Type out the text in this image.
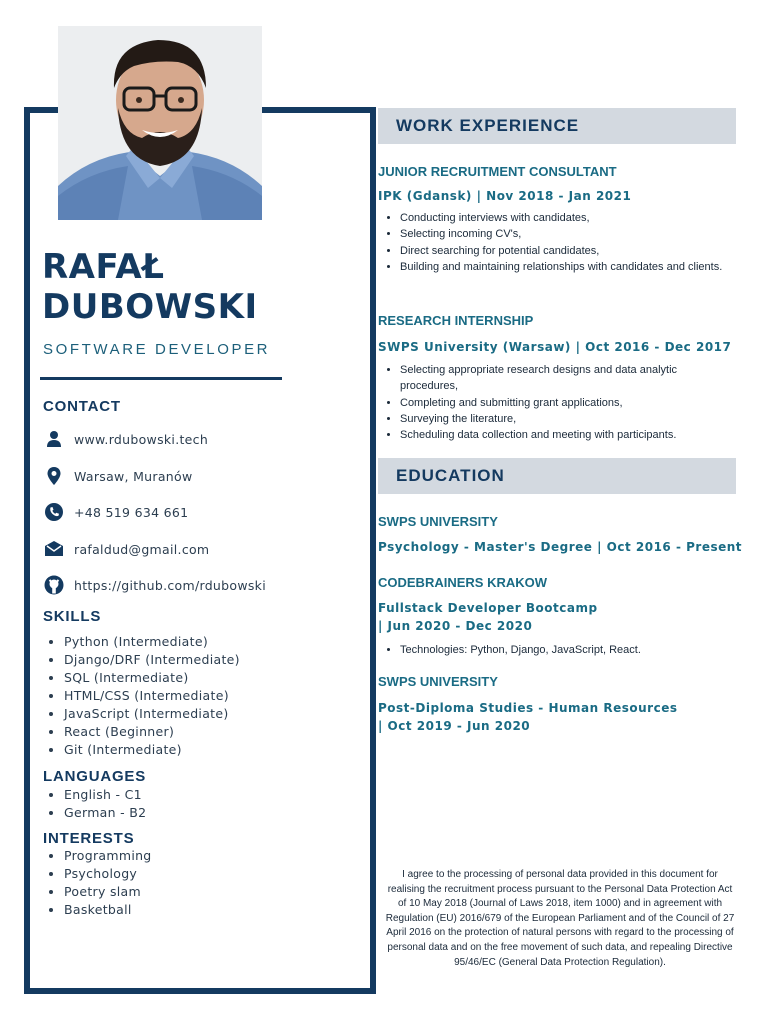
RAFAŁ
DUBOWSKI
SOFTWARE DEVELOPER
CONTACT
www.rdubowski.tech
Warsaw, Muranów
+48 519 634 661
rafaldud@gmail.com
https://github.com/rdubowski
SKILLS
• Python (Intermediate)
• Django/DRF (Intermediate)
• SQL (Intermediate)
• HTML/CSS (Intermediate)
• JavaScript (Intermediate)
• React (Beginner)
• Git (Intermediate)
LANGUAGES
• English - C1
• German - B2
INTERESTS
• Programming
• Psychology
• Poetry slam
• Basketball
WORK EXPERIENCE
JUNIOR RECRUITMENT CONSULTANT
IPK (Gdansk) | Nov 2018 - Jan 2021
• Conducting interviews with candidates,
• Selecting incoming CV's,
• Direct searching for potential candidates,
• Building and maintaining relationships with candidates and clients.
RESEARCH INTERNSHIP
SWPS University (Warsaw) | Oct 2016 - Dec 2017
• Selecting appropriate research designs and data analytic procedures,
• Completing and submitting grant applications,
• Surveying the literature,
• Scheduling data collection and meeting with participants.
EDUCATION
SWPS UNIVERSITY
Psychology - Master's Degree | Oct 2016 - Present
CODEBRAINERS KRAKOW
Fullstack Developer Bootcamp
| Jun 2020 - Dec 2020
• Technologies: Python, Django, JavaScript, React.
SWPS UNIVERSITY
Post-Diploma Studies - Human Resources
| Oct 2019 - Jun 2020
I agree to the processing of personal data provided in this document for realising the recruitment process pursuant to the Personal Data Protection Act of 10 May 2018 (Journal of Laws 2018, item 1000) and in agreement with Regulation (EU) 2016/679 of the European Parliament and of the Council of 27 April 2016 on the protection of natural persons with regard to the processing of personal data and on the free movement of such data, and repealing Directive 95/46/EC (General Data Protection Regulation).
